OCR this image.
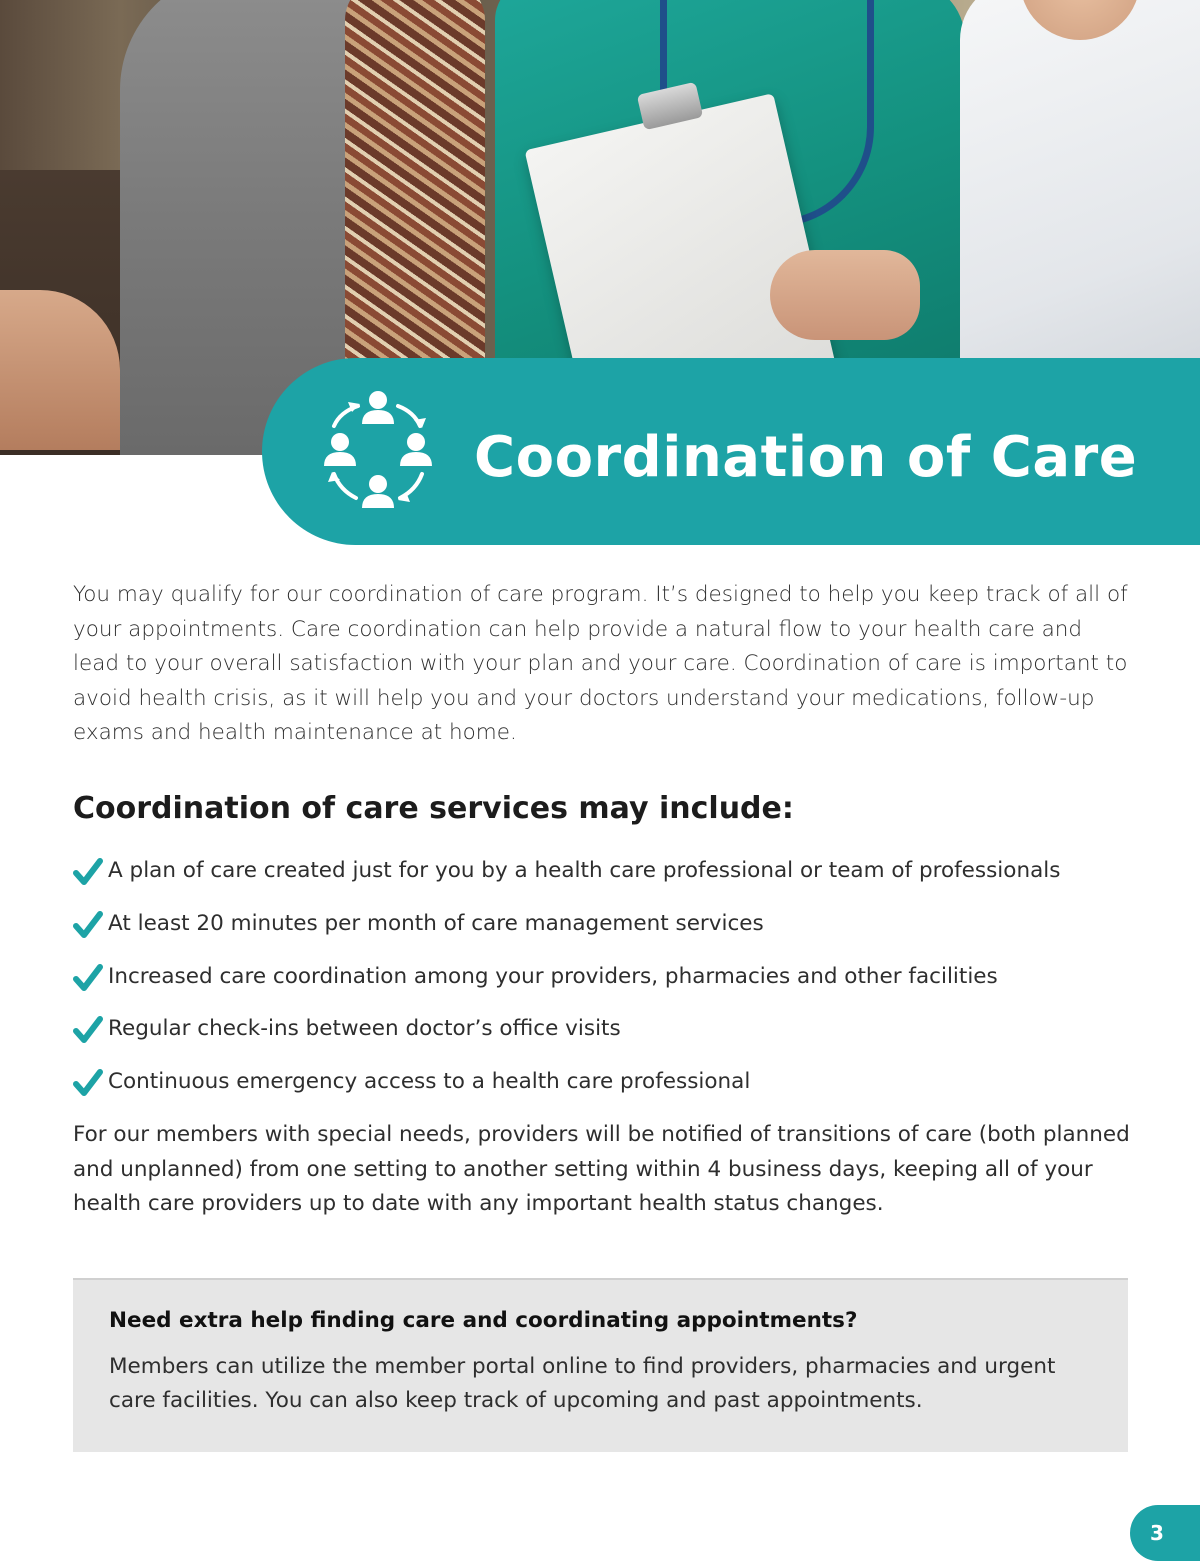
Coordination of Care

You may qualify for our coordination of care program. It’s designed to help you keep track of all of your appointments. Care coordination can help provide a natural flow to your health care and lead to your overall satisfaction with your plan and your care. Coordination of care is important to avoid health crisis, as it will help you and your doctors understand your medications, follow-up exams and health maintenance at home.

Coordination of care services may include:
A plan of care created just for you by a health care professional or team of professionals
At least 20 minutes per month of care management services
Increased care coordination among your providers, pharmacies and other facilities
Regular check-ins between doctor’s office visits
Continuous emergency access to a health care professional

For our members with special needs, providers will be notified of transitions of care (both planned and unplanned) from one setting to another setting within 4 business days, keeping all of your health care providers up to date with any important health status changes.

Need extra help finding care and coordinating appointments?

Members can utilize the member portal online to find providers, pharmacies and urgent care facilities. You can also keep track of upcoming and past appointments.

3
